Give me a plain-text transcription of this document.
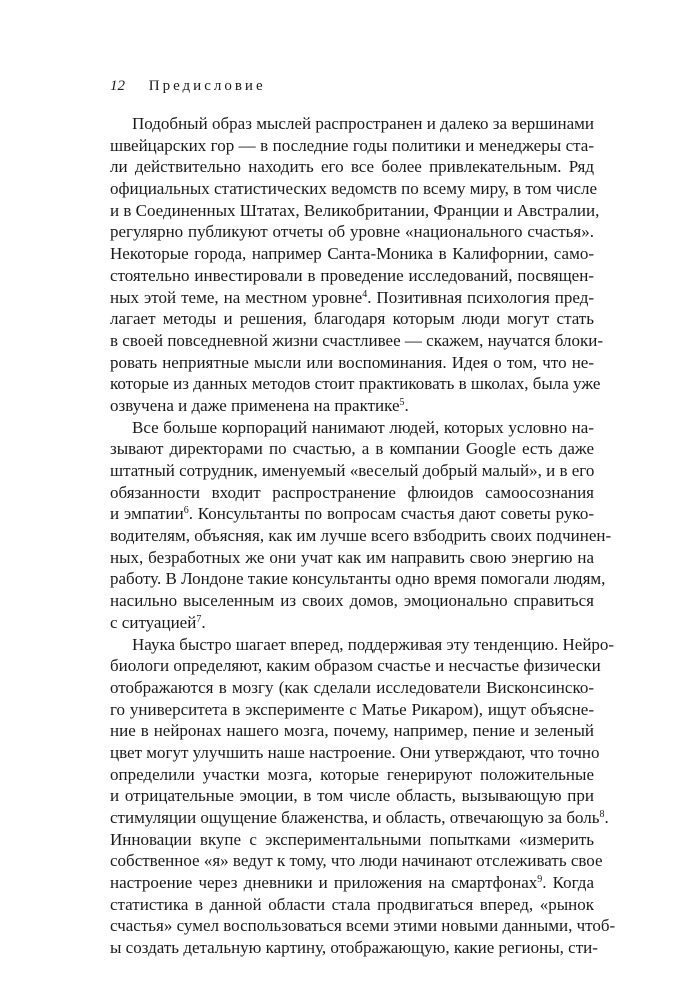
12 Предисловие
Подобный образ мыслей распространен и далеко за вершинами
швейцарских гор — в последние годы политики и менеджеры ста-
ли действительно находить его все более привлекательным. Ряд
официальных статистических ведомств по всему миру, в том числе
и в Соединенных Штатах, Великобритании, Франции и Австралии,
регулярно публикуют отчеты об уровне «национального счастья».
Некоторые города, например Санта-Моника в Калифорнии, само-
стоятельно инвестировали в проведение исследований, посвящен-
ных этой теме, на местном уровне$^4$. Позитивная психология пред-
лагает методы и решения, благодаря которым люди могут стать
в своей повседневной жизни счастливее — скажем, научатся блоки-
ровать неприятные мысли или воспоминания. Идея о том, что не-
которые из данных методов стоит практиковать в школах, была уже
озвучена и даже применена на практике$^5$.
Все больше корпораций нанимают людей, которых условно на-
зывают директорами по счастью, а в компании Google есть даже
штатный сотрудник, именуемый «веселый добрый малый», и в его
обязанности входит распространение флюидов самоосознания
и эмпатии$^6$. Консультанты по вопросам счастья дают советы руко-
водителям, объясняя, как им лучше всего взбодрить своих подчинен-
ных, безработных же они учат как им направить свою энергию на
работу. В Лондоне такие консультанты одно время помогали людям,
насильно выселенным из своих домов, эмоционально справиться
с ситуацией$^7$.
Наука быстро шагает вперед, поддерживая эту тенденцию. Нейро-
биологи определяют, каким образом счастье и несчастье физически
отображаются в мозгу (как сделали исследователи Висконсинско-
го университета в эксперименте с Матье Рикаром), ищут объясне-
ние в нейронах нашего мозга, почему, например, пение и зеленый
цвет могут улучшить наше настроение. Они утверждают, что точно
определили участки мозга, которые генерируют положительные
и отрицательные эмоции, в том числе область, вызывающую при
стимуляции ощущение блаженства, и область, отвечающую за боль$^8$.
Инновации вкупе с экспериментальными попытками «измерить
собственное «я» ведут к тому, что люди начинают отслеживать свое
настроение через дневники и приложения на смартфонах$^9$. Когда
статистика в данной области стала продвигаться вперед, «рынок
счастья» сумел воспользоваться всеми этими новыми данными, чтоб-
ы создать детальную картину, отображающую, какие регионы, сти-
